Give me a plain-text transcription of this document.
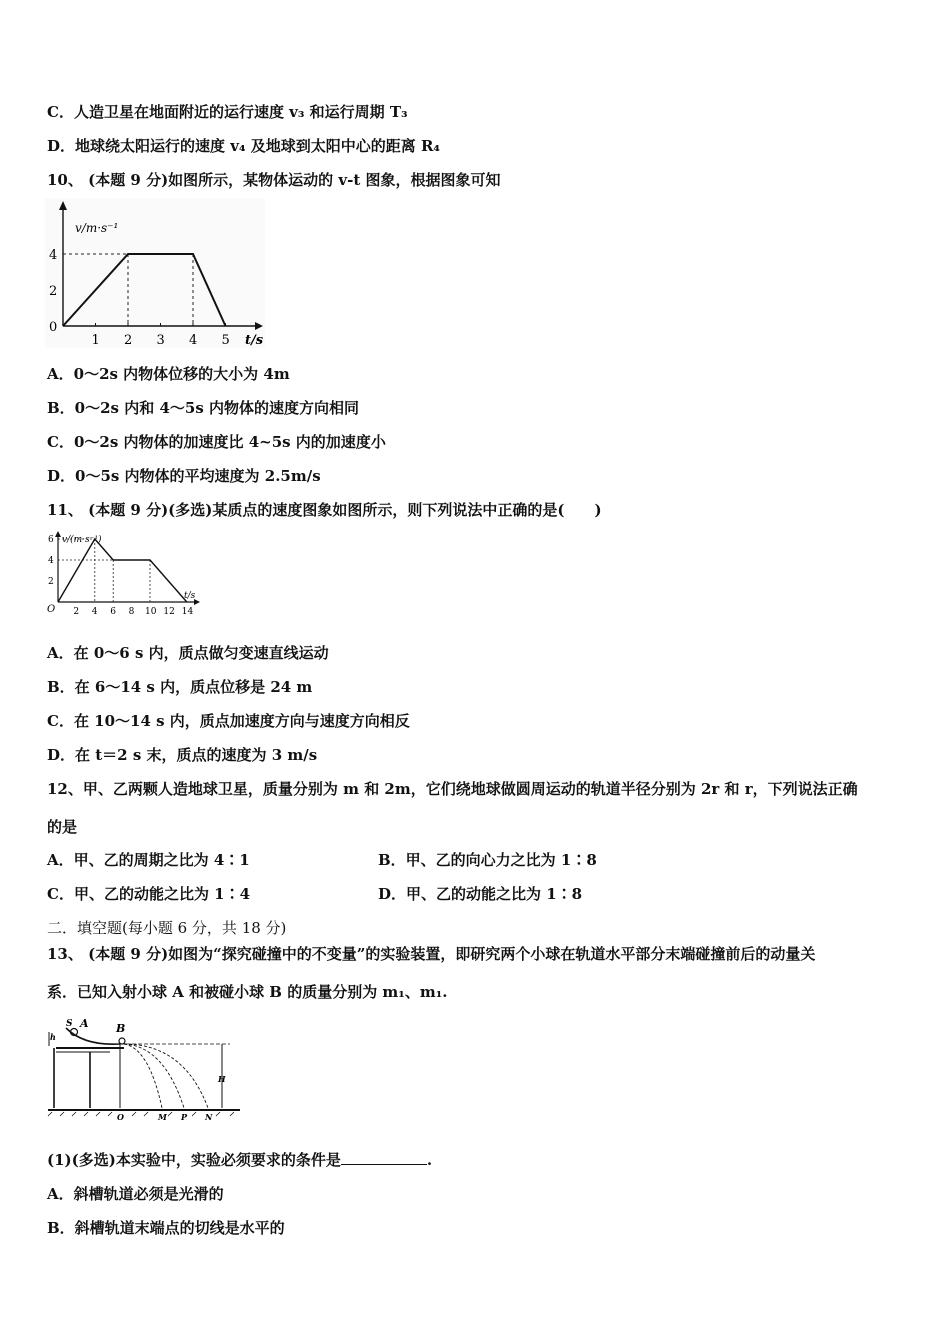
C．人造卫星在地面附近的运行速度 v₃ 和运行周期 T₃
D．地球绕太阳运行的速度 v₄ 及地球到太阳中心的距离 R₄
10、 (本题 9 分)如图所示，某物体运动的 v-t 图象，根据图象可知
v/m·s⁻¹
t/s
1 2 3 4 5
4
2
0
A．0～2s 内物体位移的大小为 4m
B．0～2s 内和 4～5s 内物体的速度方向相同
C．0～2s 内物体的加速度比 4~5s 内的加速度小
D．0～5s 内物体的平均速度为 2.5m/s
11、 (本题 9 分)(多选)某质点的速度图象如图所示，则下列说法中正确的是(　　)
v/(m·s⁻¹)
t/s
O 2 4 6 8 10 12 14
6
4
2
A．在 0～6 s 内，质点做匀变速直线运动
B．在 6～14 s 内，质点位移是 24 m
C．在 10～14 s 内，质点加速度方向与速度方向相反
D．在 t＝2 s 末，质点的速度为 3 m/s
12、甲、乙两颗人造地球卫星，质量分别为 m 和 2m，它们绕地球做圆周运动的轨道半径分别为 2r 和 r，下列说法正确
的是
A．甲、乙的周期之比为 4∶1	B．甲、乙的向心力之比为 1∶8
C．甲、乙的动能之比为 1∶4	D．甲、乙的动能之比为 1∶8
二．填空题(每小题 6 分，共 18 分)
13、 (本题 9 分)如图为“探究碰撞中的不变量”的实验装置，即研究两个小球在轨道水平部分末端碰撞前后的动量关
系．已知入射小球 A 和被碰小球 B 的质量分别为 m₁、m₁.
S A
h
B
H
O	M P N
(1)(多选)本实验中，实验必须要求的条件是	.
A．斜槽轨道必须是光滑的
B．斜槽轨道末端点的切线是水平的
